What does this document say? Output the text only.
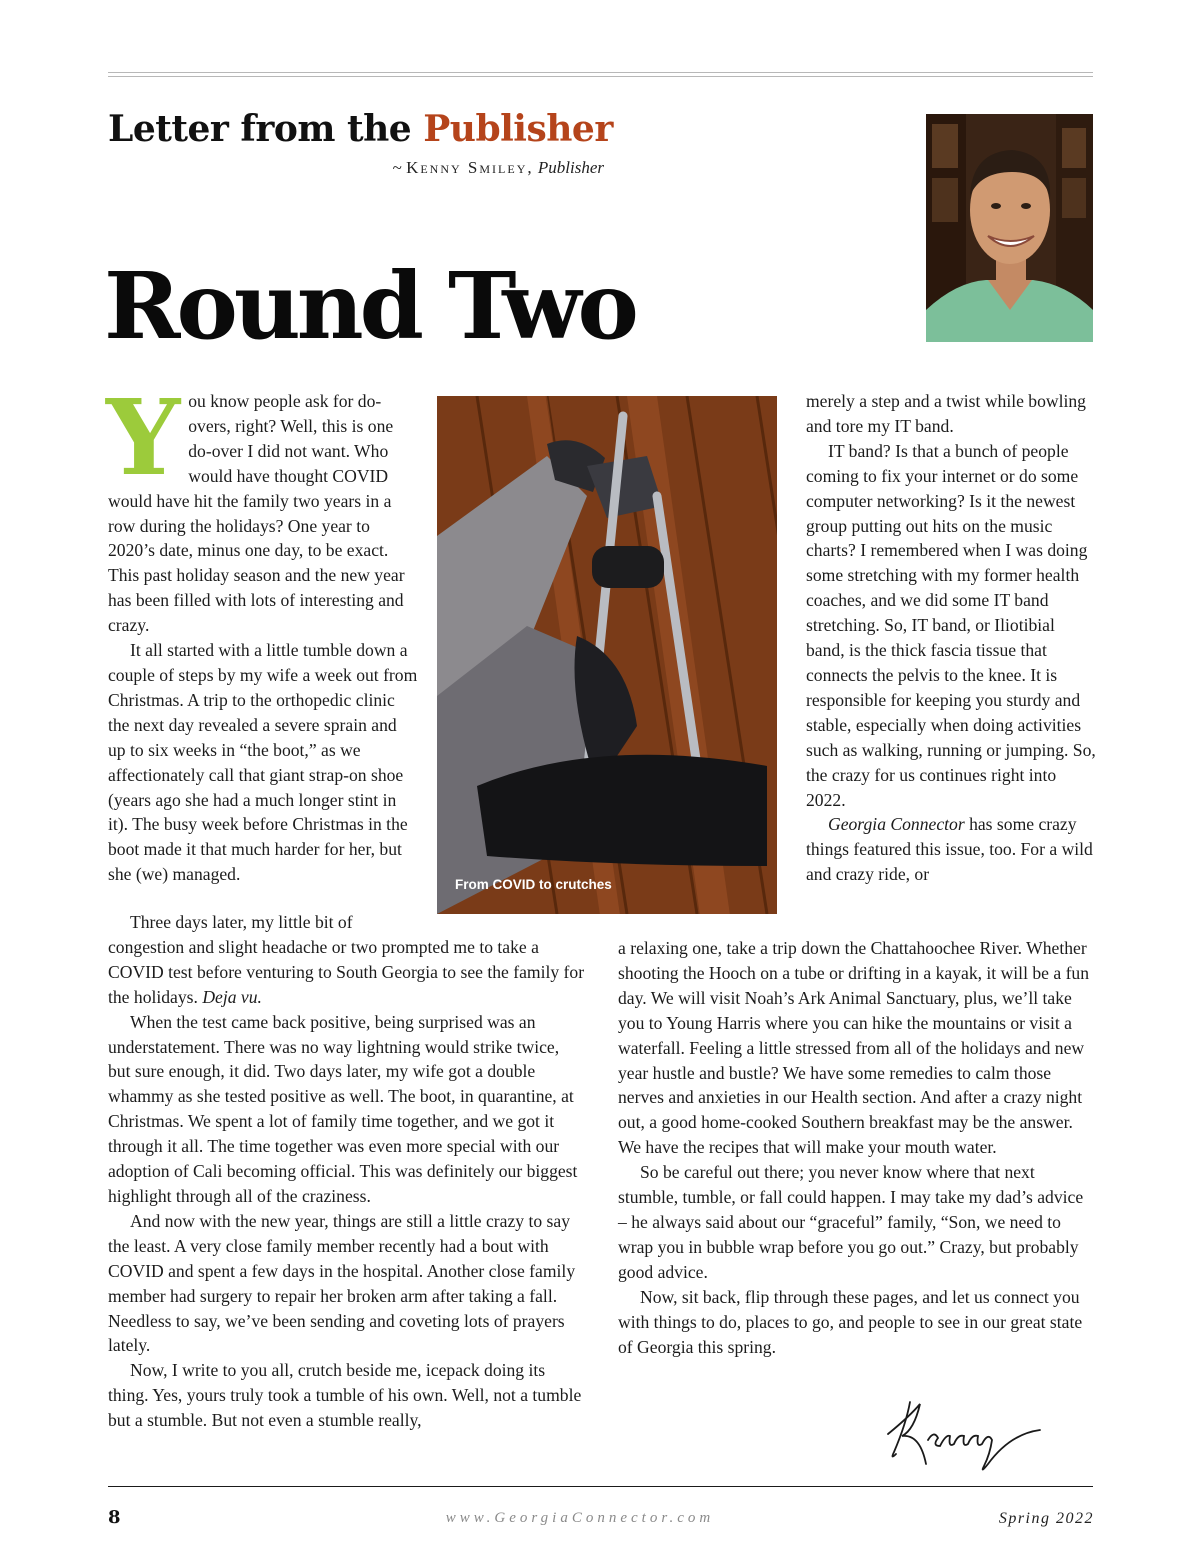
Letter from the Publisher
~ Kenny Smiley, Publisher
Round Two
Y ou know people ask for do-overs, right? Well, this is one do-over I did not want. Who would have thought COVID would have hit the family two years in a row during the holidays? One year to 2020’s date, minus one day, to be exact. This past holiday season and the new year has been filled with lots of interesting and crazy.

It all started with a little tumble down a couple of steps by my wife a week out from Christmas. A trip to the orthopedic clinic the next day revealed a severe sprain and up to six weeks in “the boot,” as we affectionately call that giant strap-on shoe (years ago she had a much longer stint in it). The busy week before Christmas in the boot made it that much harder for her, but she (we) managed.

Three days later, my little bit of

congestion and slight headache or two prompted me to take a COVID test before venturing to South Georgia to see the family for the holidays. Deja vu.

When the test came back positive, being surprised was an understatement. There was no way lightning would strike twice, but sure enough, it did. Two days later, my wife got a double whammy as she tested positive as well. The boot, in quarantine, at Christmas. We spent a lot of family time together, and we got it through it all. The time together was even more special with our adoption of Cali becoming official. This was definitely our biggest highlight through all of the craziness.

And now with the new year, things are still a little crazy to say the least. A very close family member recently had a bout with COVID and spent a few days in the hospital. Another close family member had surgery to repair her broken arm after taking a fall. Needless to say, we’ve been sending and coveting lots of prayers lately.

Now, I write to you all, crutch beside me, icepack doing its thing. Yes, yours truly took a tumble of his own. Well, not a tumble but a stumble. But not even a stumble really,

From COVID to crutches

merely a step and a twist while bowling and tore my IT band.

IT band? Is that a bunch of people coming to fix your internet or do some computer networking? Is it the newest group putting out hits on the music charts? I remembered when I was doing some stretching with my former health coaches, and we did some IT band stretching. So, IT band, or Iliotibial band, is the thick fascia tissue that connects the pelvis to the knee. It is responsible for keeping you sturdy and stable, especially when doing activities such as walking, running or jumping. So, the crazy for us continues right into 2022.

Georgia Connector has some crazy things featured this issue, too. For a wild and crazy ride, or

a relaxing one, take a trip down the Chattahoochee River. Whether shooting the Hooch on a tube or drifting in a kayak, it will be a fun day. We will visit Noah’s Ark Animal Sanctuary, plus, we’ll take you to Young Harris where you can hike the mountains or visit a waterfall. Feeling a little stressed from all of the holidays and new year hustle and bustle? We have some remedies to calm those nerves and anxieties in our Health section. And after a crazy night out, a good home-cooked Southern breakfast may be the answer. We have the recipes that will make your mouth water.

So be careful out there; you never know where that next stumble, tumble, or fall could happen. I may take my dad’s advice – he always said about our “graceful” family, “Son, we need to wrap you in bubble wrap before you go out.” Crazy, but probably good advice.

Now, sit back, flip through these pages, and let us connect you with things to do, places to go, and people to see in our great state of Georgia this spring.

8	www.GeorgiaConnector.com	Spring 2022
